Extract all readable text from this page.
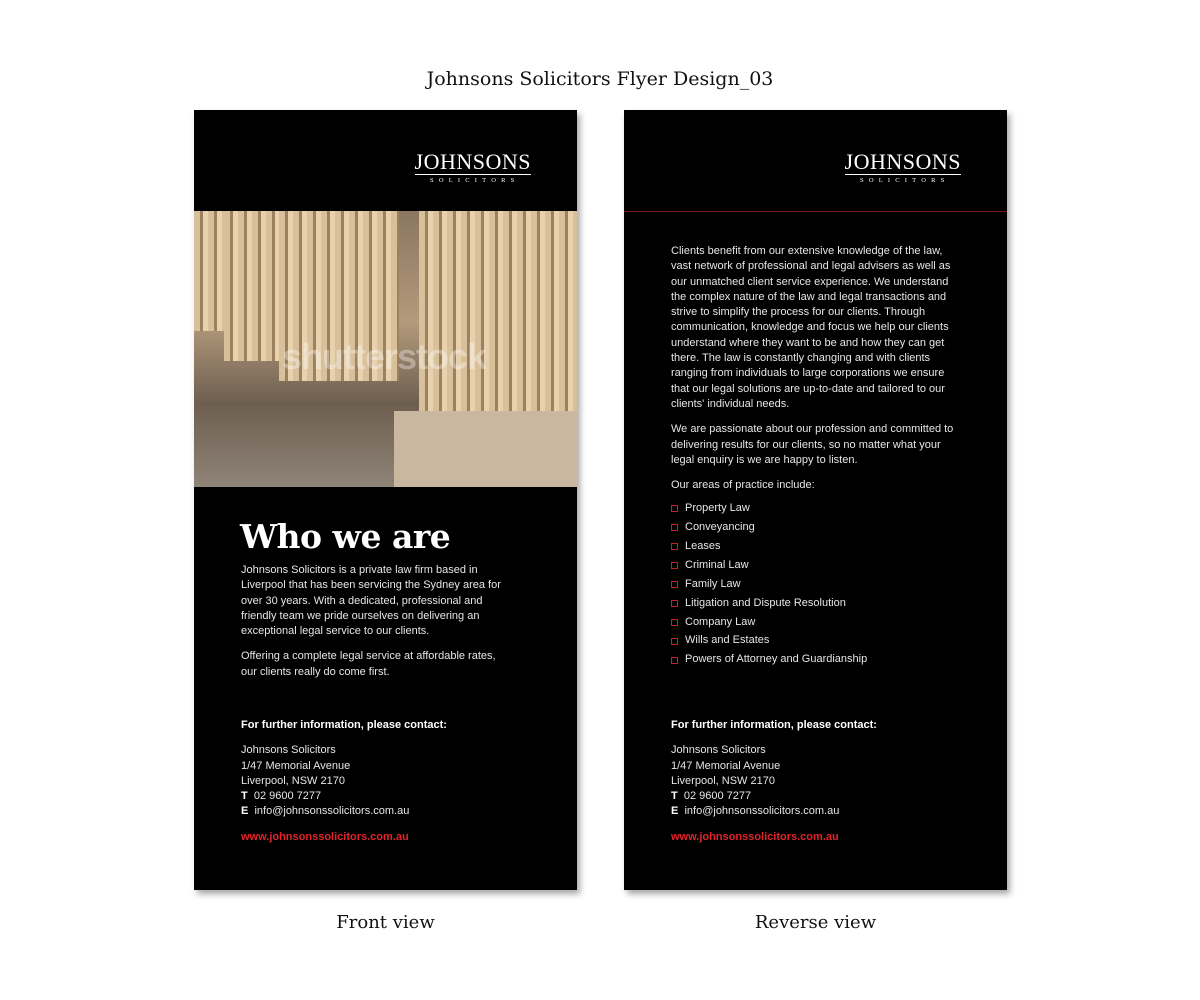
Johnsons Solicitors Flyer Design_03
JOHNSONS
SOLICITORS
shutterstock
Who we are

Johnsons Solicitors is a private law firm based in Liverpool that has been servicing the Sydney area for over 30 years. With a dedicated, professional and friendly team we pride ourselves on delivering an exceptional legal service to our clients.

Offering a complete legal service at affordable rates, our clients really do come first.

For further information, please contact:
Johnsons Solicitors
1/47 Memorial Avenue
Liverpool, NSW 2170
T 02 9600 7277
E info@johnsonssolicitors.com.au
www.johnsonssolicitors.com.au
JOHNSONS
SOLICITORS

Clients benefit from our extensive knowledge of the law, vast network of professional and legal advisers as well as our unmatched client service experience. We understand the complex nature of the law and legal transactions and strive to simplify the process for our clients. Through communication, knowledge and focus we help our clients understand where they want to be and how they can get there. The law is constantly changing and with clients ranging from individuals to large corporations we ensure that our legal solutions are up-to-date and tailored to our clients' individual needs.

We are passionate about our profession and committed to delivering results for our clients, so no matter what your legal enquiry is we are happy to listen.

Our areas of practice include:

Property Law
Conveyancing
Leases
Criminal Law
Family Law
Litigation and Dispute Resolution
Company Law
Wills and Estates
Powers of Attorney and Guardianship
For further information, please contact:
Johnsons Solicitors
1/47 Memorial Avenue
Liverpool, NSW 2170
T 02 9600 7277
E info@johnsonssolicitors.com.au
www.johnsonssolicitors.com.au
Front view	Reverse view
